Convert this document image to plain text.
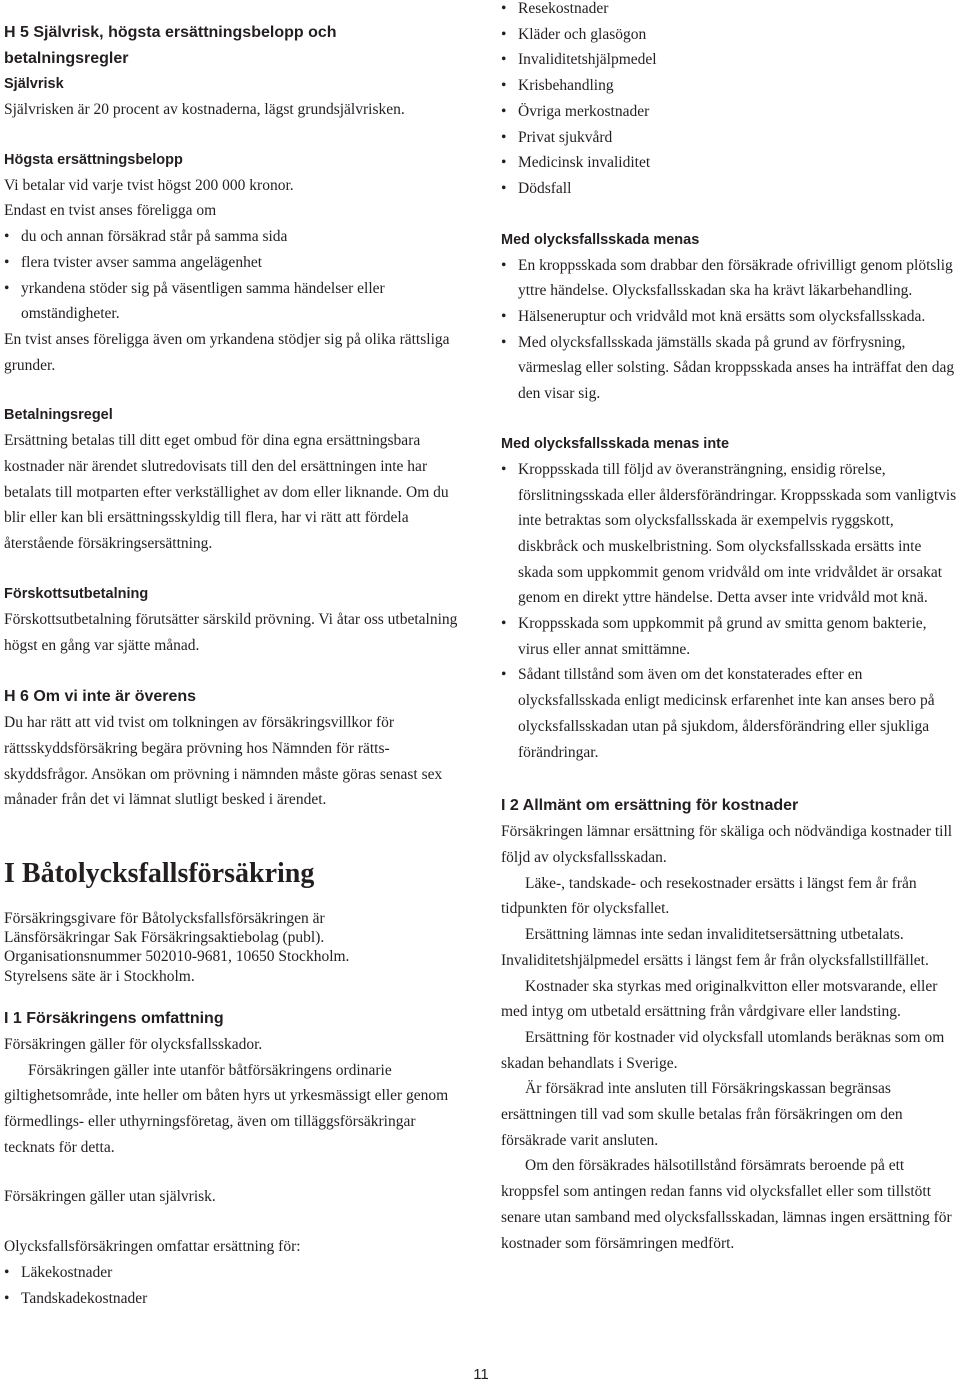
H 5 Självrisk, högsta ersättningsbelopp och betalningsregler
Självrisk

Självrisken är 20 procent av kostnaderna, lägst grundsjälvrisken.

Högsta ersättningsbelopp

Vi betalar vid varje tvist högst 200 000 kronor.

Endast en tvist anses föreligga om

• du och annan försäkrad står på samma sida
• flera tvister avser samma angelägenhet
• yrkandena stöder sig på väsentligen samma händelser eller omständigheter.

En tvist anses föreligga även om yrkandena stödjer sig på olika rättsliga grunder.

Betalningsregel

Ersättning betalas till ditt eget ombud för dina egna ersättningsbara kostnader när ärendet slutredovisats till den del ersättningen inte har betalats till motparten efter verkställighet av dom eller liknande. Om du blir eller kan bli ersättningsskyldig till flera, har vi rätt att fördela återstående försäkringsersättning.

Förskottsutbetalning

Förskottsutbetalning förutsätter särskild prövning. Vi åtar oss utbetalning högst en gång var sjätte månad.

H 6 Om vi inte är överens

Du har rätt att vid tvist om tolkningen av försäkringsvillkor för rättsskyddsförsäkring begära prövning hos Nämnden för rättsskyddsfrågor. Ansökan om prövning i nämnden måste göras senast sex månader från det vi lämnat slutligt besked i ärendet.

I Båtolycksfallsförsäkring

Försäkringsgivare för Båtolycksfallsförsäkringen är

Länsförsäkringar Sak Försäkringsaktiebolag (publ).

Organisationsnummer 502010-9681, 10650 Stockholm.

Styrelsens säte är i Stockholm.

I 1 Försäkringens omfattning

Försäkringen gäller för olycksfallsskador.

Försäkringen gäller inte utanför båtförsäkringens ordinarie giltighetsområde, inte heller om båten hyrs ut yrkesmässigt eller genom förmedlings- eller uthyrningsföretag, även om tilläggsförsäkringar tecknats för detta.

Försäkringen gäller utan självrisk.

Olycksfallsförsäkringen omfattar ersättning för:

• Läkekostnader
• Tandskadekostnader
• Resekostnader
• Kläder och glasögon
• Invaliditetshjälpmedel
• Krisbehandling
• Övriga merkostnader
• Privat sjukvård
• Medicinsk invaliditet
• Dödsfall
Med olycksfallsskada menas
• En kroppsskada som drabbar den försäkrade ofrivilligt genom plötslig yttre händelse. Olycksfallsskadan ska ha krävt läkarbehandling.
• Hälseneruptur och vridvåld mot knä ersätts som olycksfallsskada.
• Med olycksfallsskada jämställs skada på grund av förfrysning, värmeslag eller solsting. Sådan kroppsskada anses ha inträffat den dag den visar sig.
Med olycksfallsskada menas inte
• Kroppsskada till följd av överansträngning, ensidig rörelse, förslitningsskada eller åldersförändringar. Kroppsskada som vanligtvis inte betraktas som olycksfallsskada är exempelvis ryggskott, diskbråck och muskelbristning. Som olycksfallsskada ersätts inte skada som uppkommit genom vridvåld om inte vridvåldet är orsakat genom en direkt yttre händelse. Detta avser inte vridvåld mot knä.
• Kroppsskada som uppkommit på grund av smitta genom bakterie, virus eller annat smittämne.
• Sådant tillstånd som även om det konstaterades efter en olycksfallsskada enligt medicinsk erfarenhet inte kan anses bero på olycksfallsskadan utan på sjukdom, åldersförändring eller sjukliga förändringar.
I 2 Allmänt om ersättning för kostnader

Försäkringen lämnar ersättning för skäliga och nödvändiga kostnader till följd av olycksfallsskadan.

Läke-, tandskade- och resekostnader ersätts i längst fem år från tidpunkten för olycksfallet.

Ersättning lämnas inte sedan invaliditetsersättning utbetalats. Invaliditetshjälpmedel ersätts i längst fem år från olycksfallstillfället.

Kostnader ska styrkas med originalkvitton eller motsvarande, eller med intyg om utbetald ersättning från vårdgivare eller landsting.

Ersättning för kostnader vid olycksfall utomlands beräknas som om skadan behandlats i Sverige.

Är försäkrad inte ansluten till Försäkringskassan begränsas ersättningen till vad som skulle betalas från försäkringen om den försäkrade varit ansluten.

Om den försäkrades hälsotillstånd försämrats beroende på ett kroppsfel som antingen redan fanns vid olycksfallet eller som tillstött senare utan samband med olycksfallsskadan, lämnas ingen ersättning för kostnader som försämringen medfört.

11
